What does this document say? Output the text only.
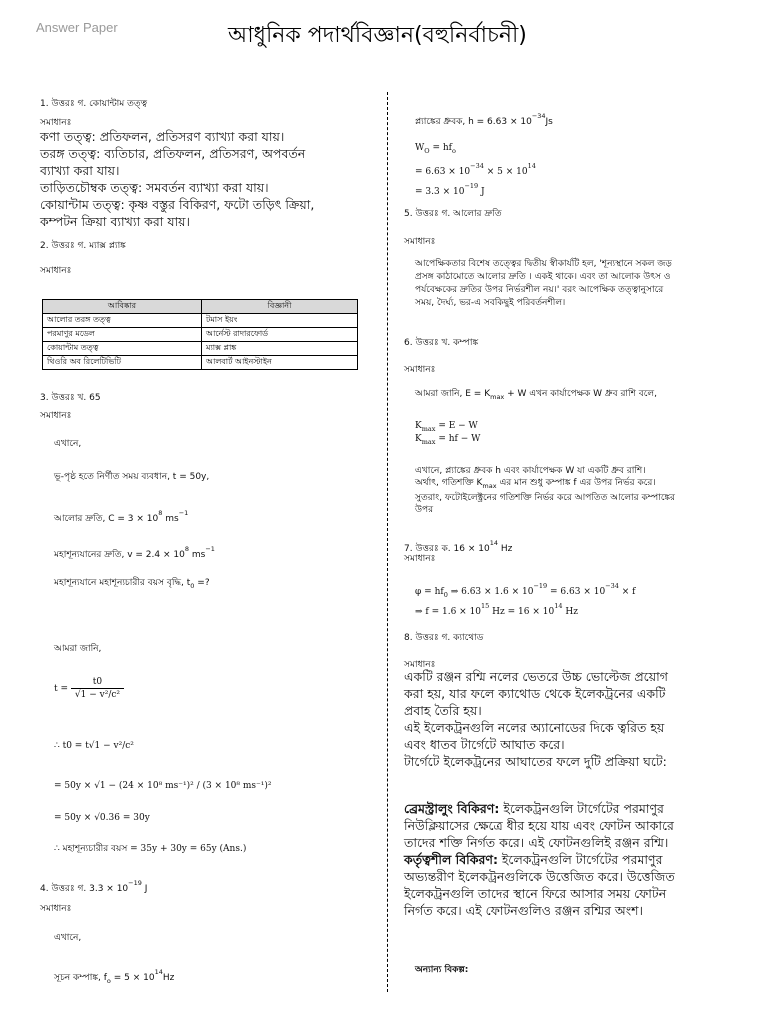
Answer Paper	আধুনিক পদার্থবিজ্ঞান(বহুনির্বাচনী)
1. উত্তরঃ গ. কোয়ান্টাম তত্ত্ব
সমাধানঃ
কণা তত্ত্ব: প্রতিফলন, প্রতিসরণ ব্যাখ্যা করা যায়।
তরঙ্গ তত্ত্ব: ব্যতিচার, প্রতিফলন, প্রতিসরণ, অপবর্তন
ব্যাখ্যা করা যায়।
তাড়িতচৌম্বক তত্ত্ব: সমবর্তন ব্যাখ্যা করা যায়।
কোয়ান্টাম তত্ত্ব: কৃষ্ণ বস্তুর বিকিরণ, ফটো তড়িৎ ক্রিয়া,
কম্পটন ক্রিয়া ব্যাখ্যা করা যায়।
2. উত্তরঃ গ. ম্যাক্স প্ল্যাঙ্ক
সমাধানঃ
আবিষ্কার	বিজ্ঞানী
আলোর তরঙ্গ তত্ত্ব	টমাস ইয়ং
পরমাণুর মডেল	আর্নেস্ট রাদারফোর্ড
কোয়ান্টাম তত্ত্ব	ম্যাক্স প্লাঙ্ক
থিওরি অব রিলেটিভিটি	আলবার্ট আইনস্টাইন
3. উত্তরঃ খ. 65
সমাধানঃ
এখানে,
ভূ-পৃষ্ঠ হতে নির্ণীত সময় ব্যবধান, t = 50y,
আলোর দ্রুতি, $C = 3 \times 10^8$ $ms^{-1}$
মহাশূন্যযানের দ্রুতি, $v = 2.4 \times 10^8$ $ms^{-1}$
মহাশূন্যযানে মহাশূন্যচারীর বয়স বৃদ্ধি, $t_0$ =?
আমরা জানি,
$t = \frac{t0}{\text{√1 − v²/c²}}$
∴ t0 = t√1 − v²/c²
= 50y × √1 − (24 × 10⁸ ms⁻¹)² / (3 × 10⁸ ms⁻¹)²
= 50y × √0.36 = 30y
∴ মহাশূন্যচারীর বয়স = 35y + 30y = 65y (Ans.)
4. উত্তরঃ গ. $3.3 \times 10^{-19}$ J
সমাধানঃ
এখানে,
সূচন কম্পাঙ্ক, $f_o = 5 \times 10^{14}Hz$
প্ল্যাঙ্কের ধ্রুবক, $h = 6.63 \times 10^{-34}Js$
$W_O = hf_o$
= $6.63 \times 10^{-34} \times 5 \times 10^{14}$
= $3.3 \times 10^{-19}$ J
5. উত্তরঃ গ. আলোর দ্রুতি
সমাধানঃ
আপেক্ষিকতার বিশেষ তত্ত্বের দ্বিতীয় স্বীকার্যটি হল, 'শূন্যস্থানে সকল জড়
প্রসঙ্গ কাঠামোতে আলোর দ্রুতি । একই থাকে। এবং তা আলোক উৎস ও
পর্যবেক্ষকের দ্রুতির উপর নির্ভরশীল নয়।' বরং আপেক্ষিক তত্ত্বানুসারে
সময়, দৈর্ঘ্য, ভর-এ সবকিছুই পরিবর্তনশীল।
6. উত্তরঃ খ. কম্পাঙ্ক
সমাধানঃ
আমরা জানি, $E = K_{max} + W$ এখন কার্যাপেক্ষক W ধ্রুব রাশি বলে,
$K_{max} = E - W$
$K_{max}$ = hf − W
এখানে, প্ল্যাঙ্কের ধ্রুবক h এবং কার্যাপেক্ষক W যা একটি ধ্রুব রাশি।
অর্থাৎ, গতিশক্তি $K_{max}$ এর মান শুধু কম্পাঙ্ক f এর উপর নির্ভর করে।
সুতরাং, ফটোইলেক্ট্রনের গতিশক্তি নির্ভর করে আপতিত আলোর কম্পাঙ্কের
উপর
7. উত্তরঃ ক. $16 \times 10^{14}$ Hz
সমাধানঃ
$\varphi = hf_0$ ⇒ $6.63 \times 1.6 \times 10^{-19} = 6.63 \times 10^{-34} \times f$
⇒ $f = 1.6 \times 10^{15}$ $Hz = 16 \times 10^{14}$ Hz
8. উত্তরঃ গ. ক্যাথোড
সমাধানঃ
একটি রঞ্জন রশ্মি নলের ভেতরে উচ্চ ভোল্টেজ প্রয়োগ
করা হয়, যার ফলে ক্যাথোড থেকে ইলেকট্রনের একটি
প্রবাহ তৈরি হয়।
এই ইলেকট্রনগুলি নলের অ্যানোডের দিকে ত্বরিত হয়
এবং ধাতব টার্গেটে আঘাত করে।
টার্গেটে ইলেকট্রনের আঘাতের ফলে দুটি প্রক্রিয়া ঘটে:
ব্রেমস্ট্রালুং বিকিরণ: ইলেকট্রনগুলি টার্গেটের পরমাণুর
নিউক্লিয়াসের ক্ষেত্রে ধীর হয়ে যায় এবং ফোটন আকারে
তাদের শক্তি নির্গত করে। এই ফোটনগুলিই রঞ্জন রশ্মি।
কর্তৃত্বশীল বিকিরণ: ইলেকট্রনগুলি টার্গেটের পরমাণুর
অভ্যন্তরীণ ইলেকট্রনগুলিকে উত্তেজিত করে। উত্তেজিত
ইলেকট্রনগুলি তাদের স্থানে ফিরে আসার সময় ফোটন
নির্গত করে। এই ফোটনগুলিও রঞ্জন রশ্মির অংশ।
অন্যান্য বিকল্প:
